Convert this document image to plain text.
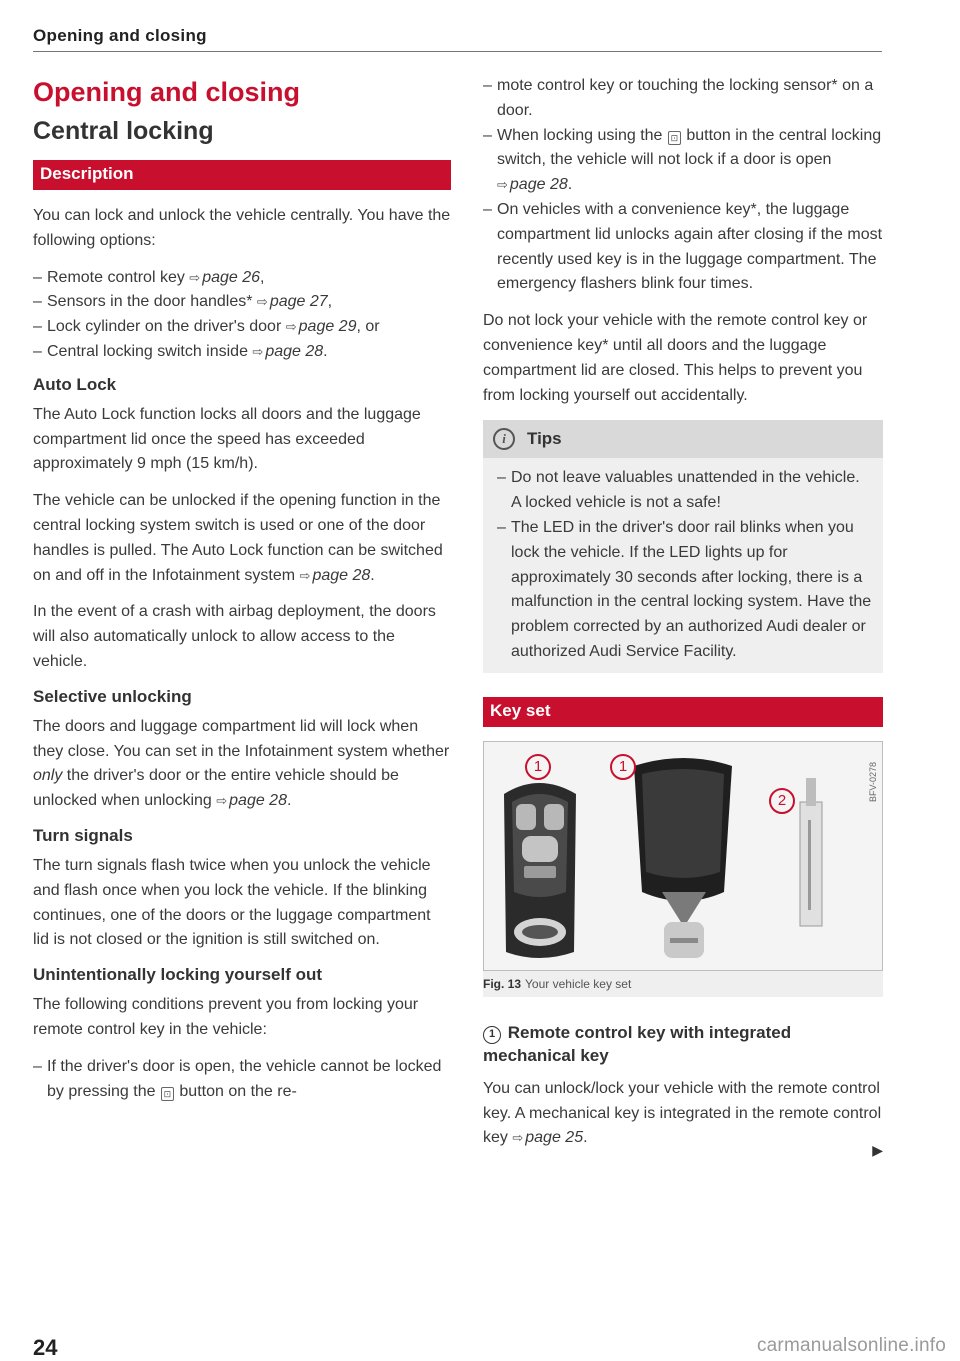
Opening and closing
Opening and closing
Central locking
Description

You can lock and unlock the vehicle centrally. You have the following options:

– Remote control key ⇨ page 26,
– Sensors in the door handles* ⇨ page 27,
– Lock cylinder on the driver's door ⇨ page 29, or
– Central locking switch inside ⇨ page 28.
Auto Lock

The Auto Lock function locks all doors and the luggage compartment lid once the speed has exceeded approximately 9 mph (15 km/h).

The vehicle can be unlocked if the opening function in the central locking system switch is used or one of the door handles is pulled. The Auto Lock function can be switched on and off in the Infotainment system ⇨ page 28.

In the event of a crash with airbag deployment, the doors will also automatically unlock to allow access to the vehicle.

Selective unlocking

The doors and luggage compartment lid will lock when they close. You can set in the Infotainment system whether only the driver's door or the entire vehicle should be unlocked when unlocking ⇨ page 28.

Turn signals

The turn signals flash twice when you unlock the vehicle and flash once when you lock the vehicle. If the blinking continues, one of the doors or the luggage compartment lid is not closed or the ignition is still switched on.

Unintentionally locking yourself out

The following conditions prevent you from locking your remote control key in the vehicle:

– If the driver's door is open, the vehicle cannot be locked by pressing the ⊡ button on the re-
24
– mote control key or touching the locking sensor* on a door.
– When locking using the ⊡ button in the central locking switch, the vehicle will not lock if a door is open ⇨ page 28.
– On vehicles with a convenience key*, the luggage compartment lid unlocks again after closing if the most recently used key is in the luggage compartment. The emergency flashers blink four times.

Do not lock your vehicle with the remote control key or convenience key* until all doors and the luggage compartment lid are closed. This helps to prevent you from locking yourself out accidentally.

i	Tips
– Do not leave valuables unattended in the vehicle. A locked vehicle is not a safe!
– The LED in the driver's door rail blinks when you lock the vehicle. If the LED lights up for approximately 30 seconds after locking, there is a malfunction in the central locking system. Have the problem corrected by an authorized Audi dealer or authorized Audi Service Facility.
Key set
1	1
2	BFV-0278
Fig. 13 Your vehicle key set
1 Remote control key with integrated mechanical key

You can unlock/lock your vehicle with the remote control key. A mechanical key is integrated in the remote control key ⇨ page 25.

▶
carmanualsonline.info
